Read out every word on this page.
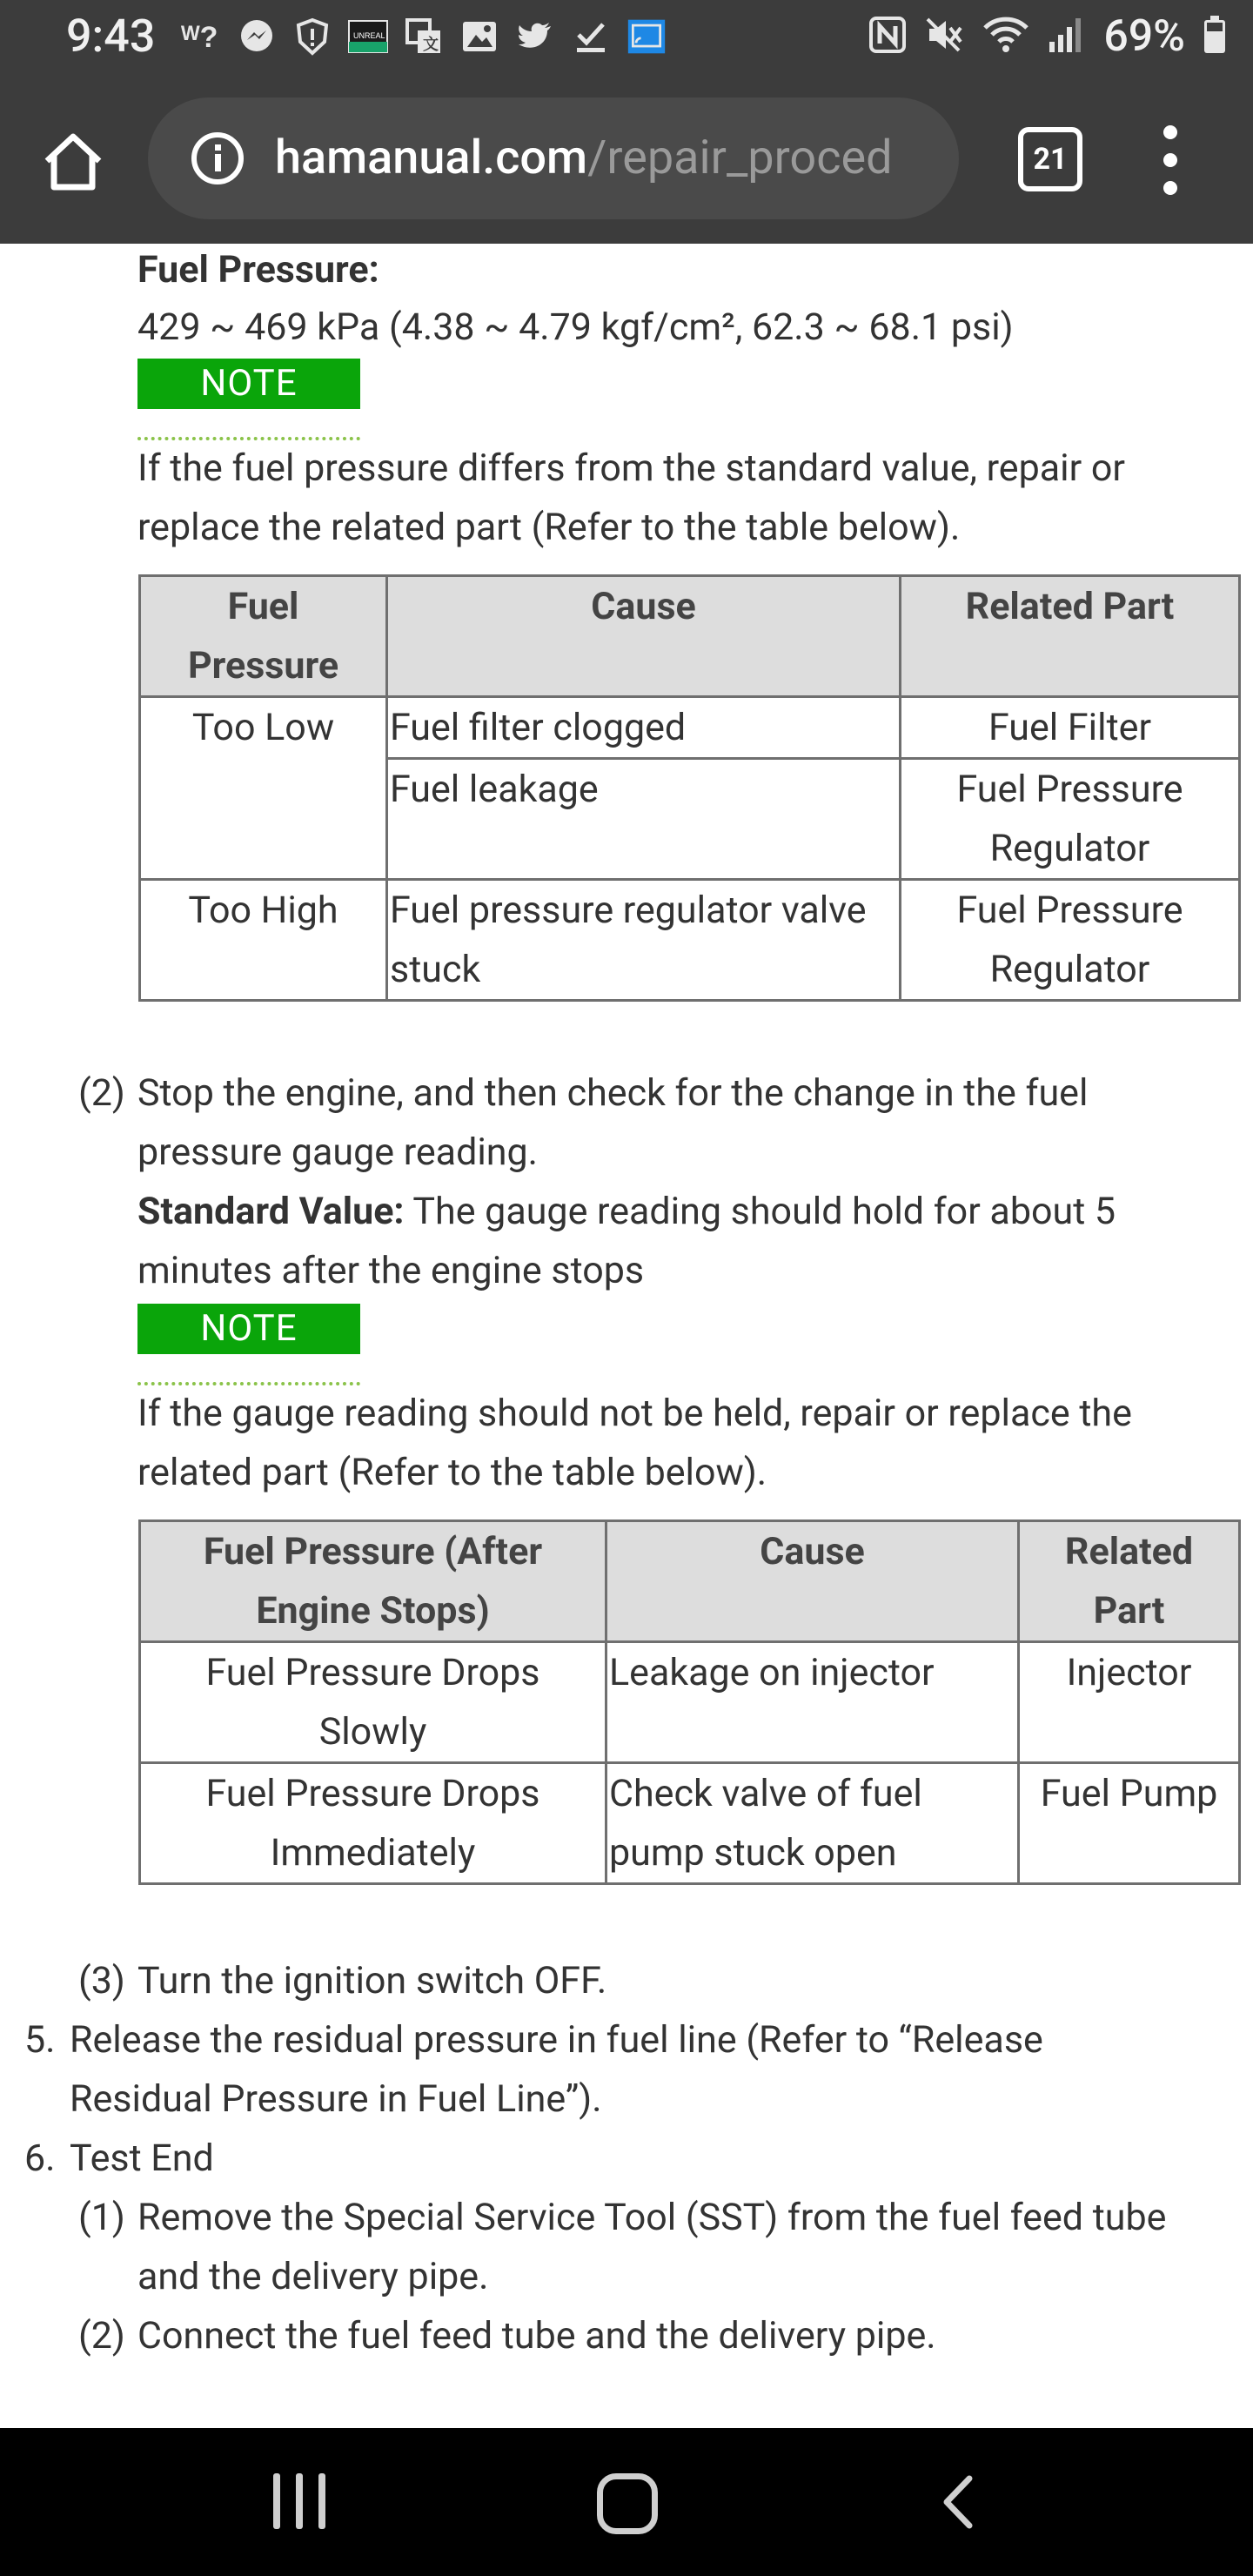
9:43 ᵂ?	UNREAL 文	69%
hamanual.com/repair_proced	21
Fuel Pressure:
429 ~ 469 kPa (4.38 ~ 4.79 kgf/cm², 62.3 ~ 68.1 psi)
NOTE
If the fuel pressure differs from the standard value, repair or
replace the related part (Refer to the table below).
Fuel Pressure	Cause	Related Part
Too Low	Fuel filter clogged	Fuel Filter
	Fuel leakage	Fuel Pressure Regulator
Too High	Fuel pressure regulator valve stuck	Fuel Pressure Regulator
(2) Stop the engine, and then check for the change in the fuel
pressure gauge reading.
Standard Value: The gauge reading should hold for about 5
minutes after the engine stops
NOTE
If the gauge reading should not be held, repair or replace the
related part (Refer to the table below).
Fuel Pressure (After Engine Stops)	Cause	Related Part
Fuel Pressure Drops Slowly	Leakage on injector	Injector
Fuel Pressure Drops Immediately	Check valve of fuel pump stuck open	Fuel Pump
(3) Turn the ignition switch OFF.
5. Release the residual pressure in fuel line (Refer to “Release
Residual Pressure in Fuel Line”).
6. Test End
(1) Remove the Special Service Tool (SST) from the fuel feed tube
and the delivery pipe.
(2) Connect the fuel feed tube and the delivery pipe.
